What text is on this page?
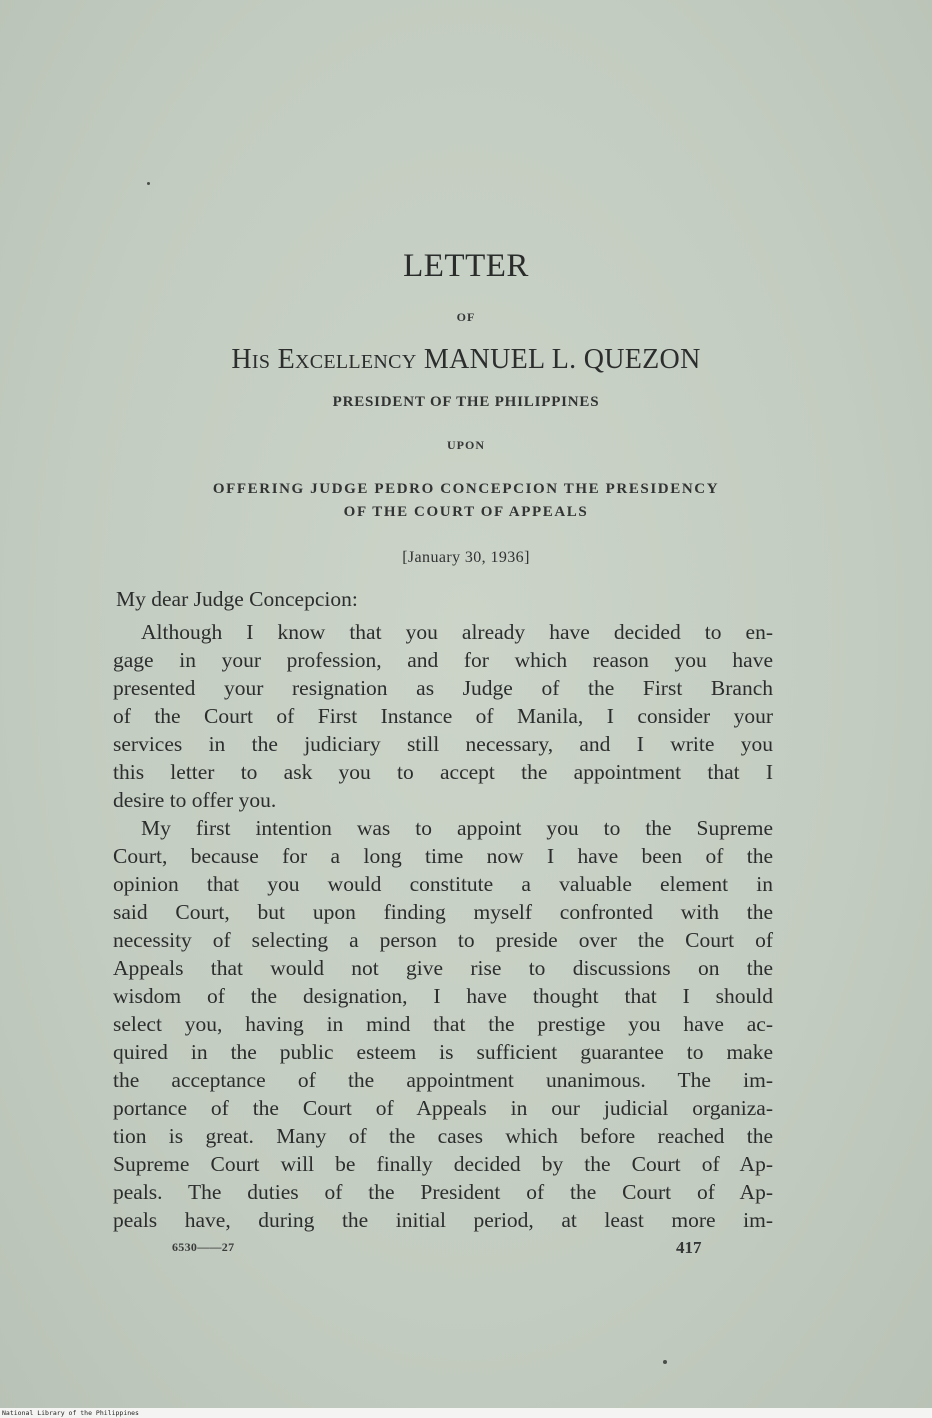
LETTER
OF
His Excellency MANUEL L. QUEZON
PRESIDENT OF THE PHILIPPINES
UPON
OFFERING JUDGE PEDRO CONCEPCION THE PRESIDENCY
OF THE COURT OF APPEALS
[January 30, 1936]
My dear Judge Concepcion:
Although I know that you already have decided to en-
gage in your profession, and for which reason you have
presented your resignation as Judge of the First Branch
of the Court of First Instance of Manila, I consider your
services in the judiciary still necessary, and I write you
this letter to ask you to accept the appointment that I
desire to offer you.
My first intention was to appoint you to the Supreme
Court, because for a long time now I have been of the
opinion that you would constitute a valuable element in
said Court, but upon finding myself confronted with the
necessity of selecting a person to preside over the Court of
Appeals that would not give rise to discussions on the
wisdom of the designation, I have thought that I should
select you, having in mind that the prestige you have ac-
quired in the public esteem is sufficient guarantee to make
the acceptance of the appointment unanimous. The im-
portance of the Court of Appeals in our judicial organiza-
tion is great. Many of the cases which before reached the
Supreme Court will be finally decided by the Court of Ap-
peals. The duties of the President of the Court of Ap-
peals have, during the initial period, at least more im-
6530——27	417
National Library of the Philippines
